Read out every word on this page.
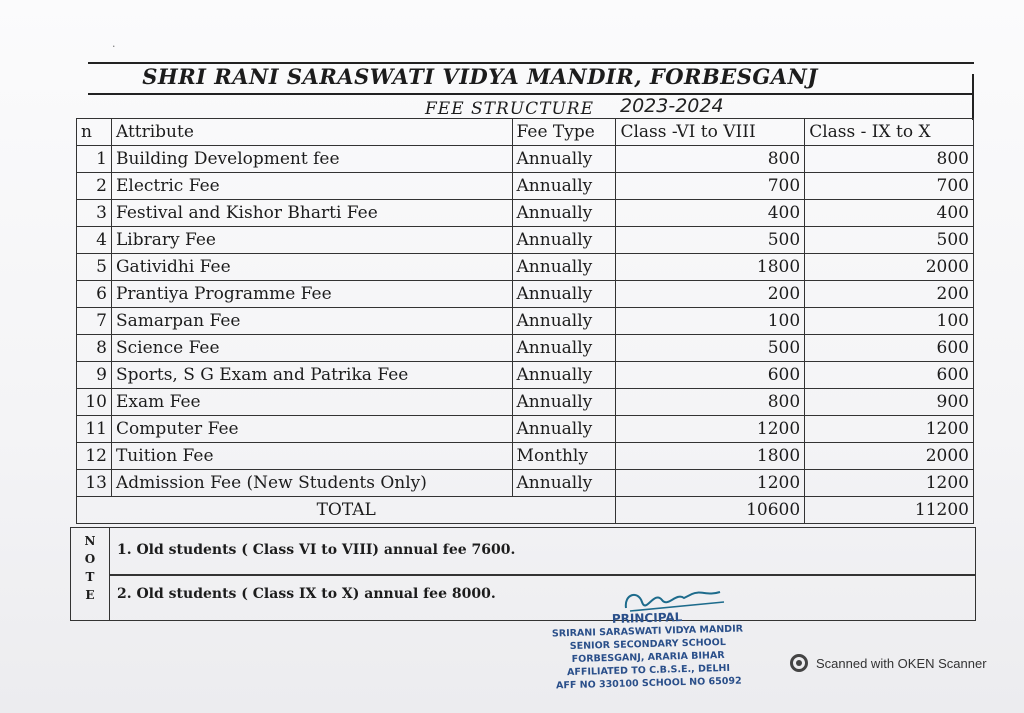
·
SHRI RANI SARASWATI VIDYA MANDIR, FORBESGANJ
FEE STRUCTURE 2023-2024
n	Attribute	Fee Type	Class -VI to VIII	Class - IX to X
1	Building Development fee	Annually	800	800
2	Electric Fee	Annually	700	700
3	Festival and Kishor Bharti Fee	Annually	400	400
4	Library Fee	Annually	500	500
5	Gatividhi Fee	Annually	1800	2000
6	Prantiya Programme Fee	Annually	200	200
7	Samarpan Fee	Annually	100	100
8	Science Fee	Annually	500	600
9	Sports, S G Exam and Patrika Fee	Annually	600	600
10	Exam Fee	Annually	800	900
11	Computer Fee	Annually	1200	1200
12	Tuition Fee	Monthly	1800	2000
13	Admission Fee (New Students Only)	Annually	1200	1200
TOTAL			10600	11200
N
O
T
E
1. Old students ( Class VI to VIII) annual fee 7600.
2. Old students ( Class IX to X) annual fee 8000.
PRINCIPAL
SRIRANI SARASWATI VIDYA MANDIR
SENIOR SECONDARY SCHOOL
FORBESGANJ, ARARIA BIHAR
AFFILIATED TO C.B.S.E., DELHI
AFF NO 330100 SCHOOL NO 65092
Scanned with OKEN Scanner
